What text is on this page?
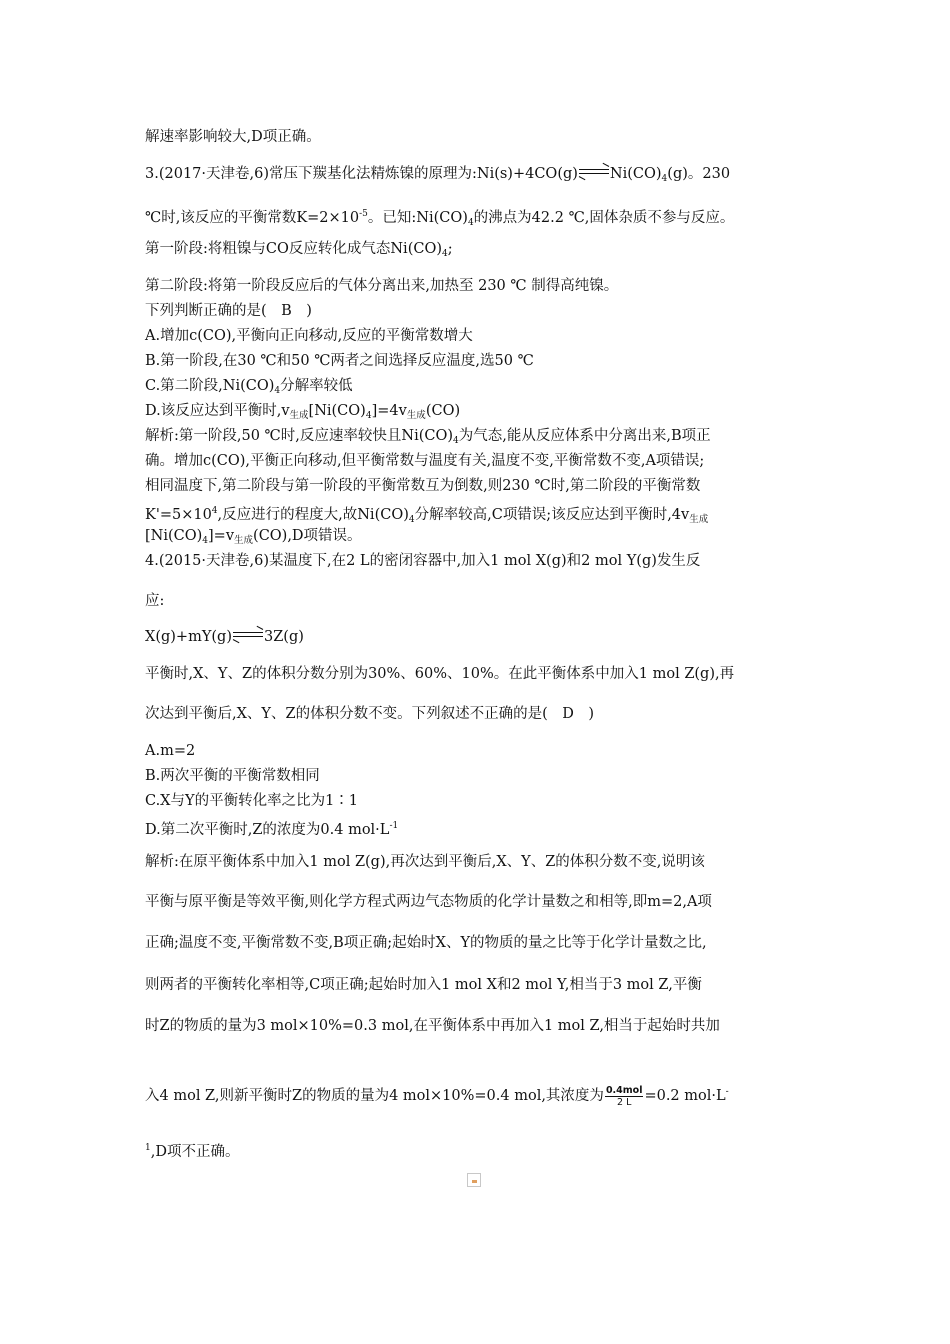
解速率影响较大,D项正确。
3.(2017·天津卷,6)常压下羰基化法精炼镍的原理为:Ni(s)+4CO(g) $Ni(CO)_4(g)$。230
℃时,该反应的平衡常数$K=2\times 10^{-5}$。已知$:Ni(CO)_4$的沸点为42.2 ℃,固体杂质不参与反应。
第一阶段:将粗镍与CO反应转化成气态$Ni(CO)_4$;
第二阶段:将第一阶段反应后的气体分离出来,加热至 230 ℃ 制得高纯镍。
下列判断正确的是(　B　)
A.增加c(CO),平衡向正向移动,反应的平衡常数增大
B.第一阶段,在30 ℃和50 ℃两者之间选择反应温度,选50 ℃
C.第二阶段$,Ni(CO)_4$分解率较低
D.该反应达到平衡时$,v_{生成}[Ni(CO)_4]=4v_{生成}(CO)$
解析:第一阶段,50 ℃时,反应速率较快且$Ni(CO)_4$为气态,能从反应体系中分离出来,B项正
确。增加c(CO),平衡正向移动,但平衡常数与温度有关,温度不变,平衡常数不变,A项错误;
相同温度下,第二阶段与第一阶段的平衡常数互为倒数,则230 ℃时,第二阶段的平衡常数
$K'=5\times 10^4$,反应进行的程度大,故$Ni(CO)_4$分解率较高,C项错误;该反应达到平衡时$,4v_{生成}$
$[Ni(CO)_4]=v_{生成}(CO),D$项错误。
4.(2015·天津卷,6)某温度下,在2 L的密闭容器中,加入1 mol X(g)和2 mol Y(g)发生反
应:
X(g)+mY(g) 3Z(g)
平衡时,X、Y、Z的体积分数分别为30%、60%、10%。在此平衡体系中加入1 mol Z(g),再
次达到平衡后,X、Y、Z的体积分数不变。下列叙述不正确的是(　D　)
A.m=2
B.两次平衡的平衡常数相同
C.X与Y的平衡转化率之比为1∶1
D.第二次平衡时,Z的浓度为0.4 $mol\cdot L^{-1}$
解析:在原平衡体系中加入1 mol Z(g),再次达到平衡后,X、Y、Z的体积分数不变,说明该
平衡与原平衡是等效平衡,则化学方程式两边气态物质的化学计量数之和相等,即m=2,A项
正确;温度不变,平衡常数不变,B项正确;起始时X、Y的物质的量之比等于化学计量数之比,
则两者的平衡转化率相等,C项正确;起始时加入1 mol X和2 mol Y,相当于3 mol Z,平衡
时Z的物质的量为3 mol×10%=0.3 mol,在平衡体系中再加入1 mol Z,相当于起始时共加
入4 mol Z,则新平衡时Z的物质的量为4 mol×10%=0.4 mol,其浓度为 $\frac{\text{0.4mol}}{2 L} =0.2$ mol·L-
$^1$,D项不正确。
